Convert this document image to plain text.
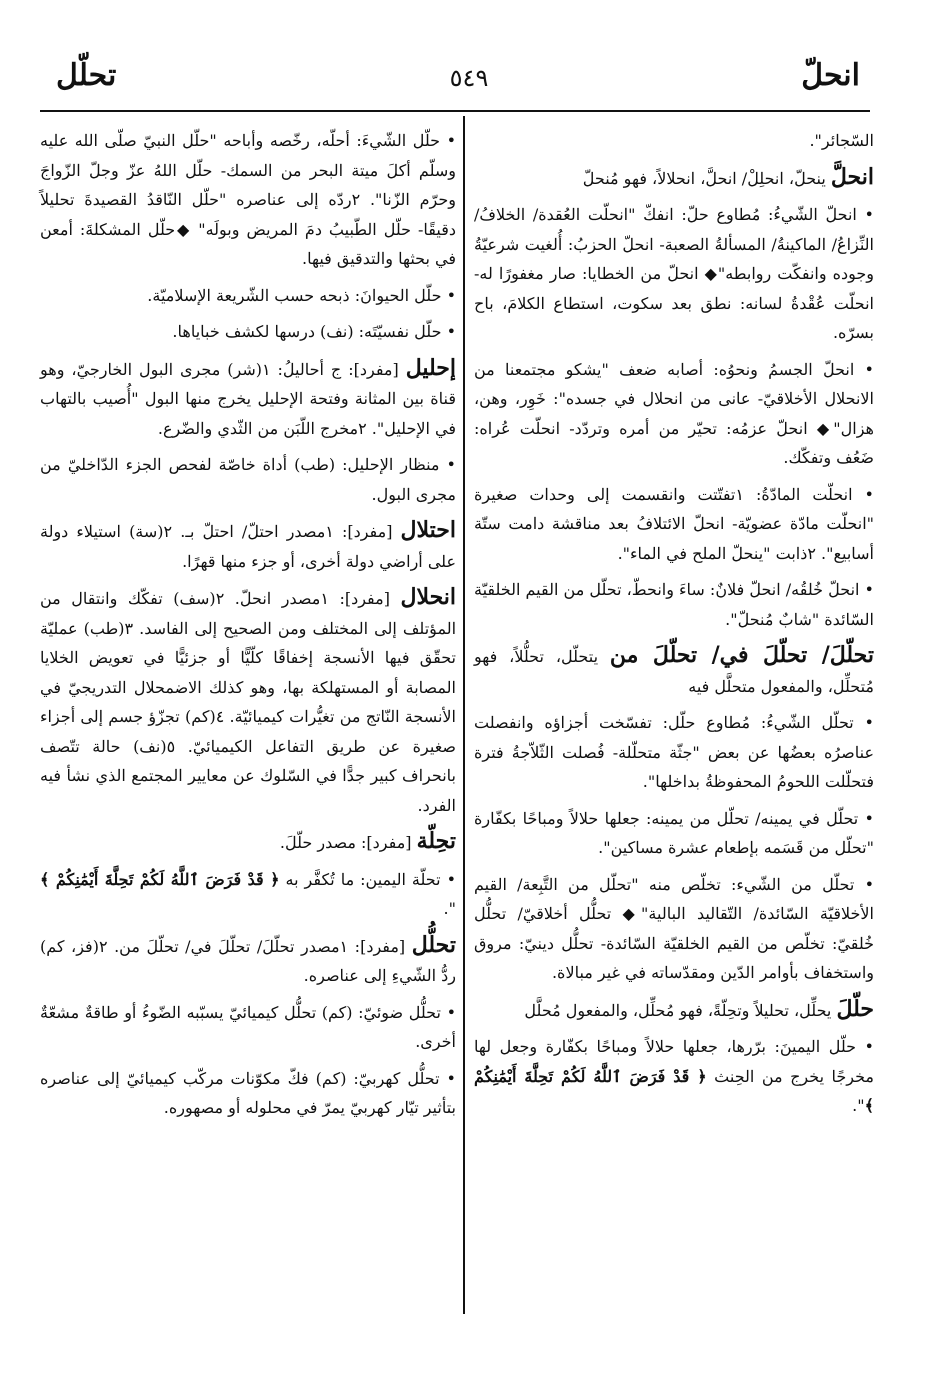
انحلّ
٥٤٩
تحلّل

السّجائر".

انحلَّ ينحلّ، انحلِلْ/ انحلَّ، انحلالاً، فهو مُنحلّ

• انحلّ الشّيءُ: مُطاوع حلّ: انفكّ "انحلّت العُقدة/ الخلافُ/ النِّزاعُ/ الماكينةُ/ المسألةُ الصعبة- انحلّ الحزبُ: أُلغيت شرعيّةُ وجوده وانفكّت روابطه"◆ انحلّ من الخطايا: صار مغفورًا له- انحلّت عُقْدةُ لسانه: نطق بعد سكوت، استطاع الكلامَ، باح بسرّه.

• انحلّ الجسمُ ونحوُه: أصابه ضعف "يشكو مجتمعنا من الانحلال الأخلاقيّ- عانى من انحلال في جسده": خَوِر، وهن، هزال"◆ انحلّ عزمُه: تحيّر من أمره وتردّد- انحلّت عُراه: ضَعُف وتفكّك.

• انحلّت المادّةُ: ١تفتّتت وانقسمت إلى وحدات صغيرة "انحلّت مادّة عضويّة- انحلّ الائتلافُ بعد مناقشة دامت ستّة أسابيع". ٢ذابت "ينحلّ الملح في الماء".

• انحلّ خُلقُه/ انحلّ فلانٌ: ساءَ وانحطّ، تحلّل من القيم الخلقيّة السّائدة "شابٌ مُنحلّ".

تحلّلَ/ تحلّلَ في/ تحلّلَ من يتحلّل، تحلُّلاً، فهو مُتحلِّل، والمفعول متحلَّل فيه

• تحلّل الشّيءُ: مُطاوع حلّل: تفسّخت أجزاؤه وانفصلت عناصرُه بعضُها عن بعض "جثّة متحلّلة- فُصلت الثّلاّجةُ فترة فتحلّلت اللحومُ المحفوظةُ بداخلها".

• تحلّل في يمينه/ تحلّل من يمينه: جعلها حلالاً ومباحًا بكفّارة "تحلّل من قَسَمه بإطعام عشرة مساكين".

• تحلّل من الشّيء: تخلّص منه "تحلّل من التَّبِعة/ القيم الأخلاقيّة السّائدة/ التّقاليد البالية"◆ تحلُّل أخلاقيّ/ تحلُّل خُلقيّ: تخلّص من القيم الخلقيّة السّائدة- تحلُّل دينيّ: مروق واستخفاف بأوامر الدّين ومقدّساته في غير مبالاة.

حلّلَ يحلِّل، تحليلاً وتحِلّةً، فهو مُحلِّل، والمفعول مُحلَّل

• حلّل اليمينَ: برّرها، جعلها حلالاً ومباحًا بكفّارة وجعل لها مخرجًا يخرج من الحِنث ﴿ قَدْ فَرَضَ ٱللَّهُ لَكُمْ تَحِلَّةَ أَيْمَٰنِكُمْ ﴾".

• حلّل الشّيءَ: أحلّه، رخّصه وأباحه "حلّل النبيّ صلّى الله عليه وسلّم أكلَ ميتة البحر من السمك- حلّل اللهُ عزّ وجلّ الزّواجَ وحرّم الزّنا". ٢ردّه إلى عناصره "حلّل النّاقدُ القصيدةَ تحليلاً دقيقًا- حلّل الطّبيبُ دمَ المريض وبولَه" ◆حلّل المشكلةَ: أمعن في بحثها والتدقيق فيها.

• حلّل الحيوانَ: ذبحه حسب الشّريعة الإسلاميّة.

• حلّل نفسيّتَه: (نف) درسها لكشف خباياها.

إحليل [مفرد]: ج أحاليلُ: ١(شر) مجرى البول الخارجيّ، وهو قناة بين المثانة وفتحة الإحليل يخرج منها البول "أُصيب بالتهاب في الإحليل". ٢مخرج اللّبَن من الثّدي والضّرع.

• منظار الإحليل: (طب) أداة خاصّة لفحص الجزء الدّاخليّ من مجرى البول.

احتلال [مفرد]: ١مصدر احتلّ/ احتلّ بـ. ٢(سة) استيلاء دولة على أراضي دولة أخرى، أو جزء منها قهرًا.

انحلال [مفرد]: ١مصدر انحلّ. ٢(سف) تفكّك وانتقال من المؤتلف إلى المختلف ومن الصحيح إلى الفاسد. ٣(طب) عمليّة تحقّق فيها الأنسجة إخفاقًا كلّيًّا أو جزئيًّا في تعويض الخلايا المصابة أو المستهلكة بها، وهو كذلك الاضمحلال التدريجيّ في الأنسجة النّاتج من تغيُّرات كيميائيّة. ٤(كم) تجزّؤ جسم إلى أجزاء صغيرة عن طريق التفاعل الكيميائيّ. ٥(نف) حالة تتّصف بانحراف كبير جدًّا في السّلوك عن معايير المجتمع الذي نشأ فيه الفرد.

تحِلّة [مفرد]: مصدر حلّلَ.

• تحلّة اليمين: ما تُكفَّر به ﴿ قَدْ فَرَضَ ٱللَّهُ لَكُمْ تَحِلَّةَ أَيْمَٰنِكُمْ ﴾ ".

تحلُّل [مفرد]: ١مصدر تحلّلَ/ تحلّلَ في/ تحلّلَ من. ٢(فز، كم) ردُّ الشّيءِ إلى عناصره.

• تحلُّل ضوئيّ: (كم) تحلُّل كيميائيّ يسبّبه الضّوءُ أو طاقةٌ مشعّةٌ أخرى.

• تحلُّل كهربيّ: (كم) فكّ مكوّنات مركّب كيميائيّ إلى عناصره بتأثير تيّار كهربيّ يمرّ في محلوله أو مصهوره.
